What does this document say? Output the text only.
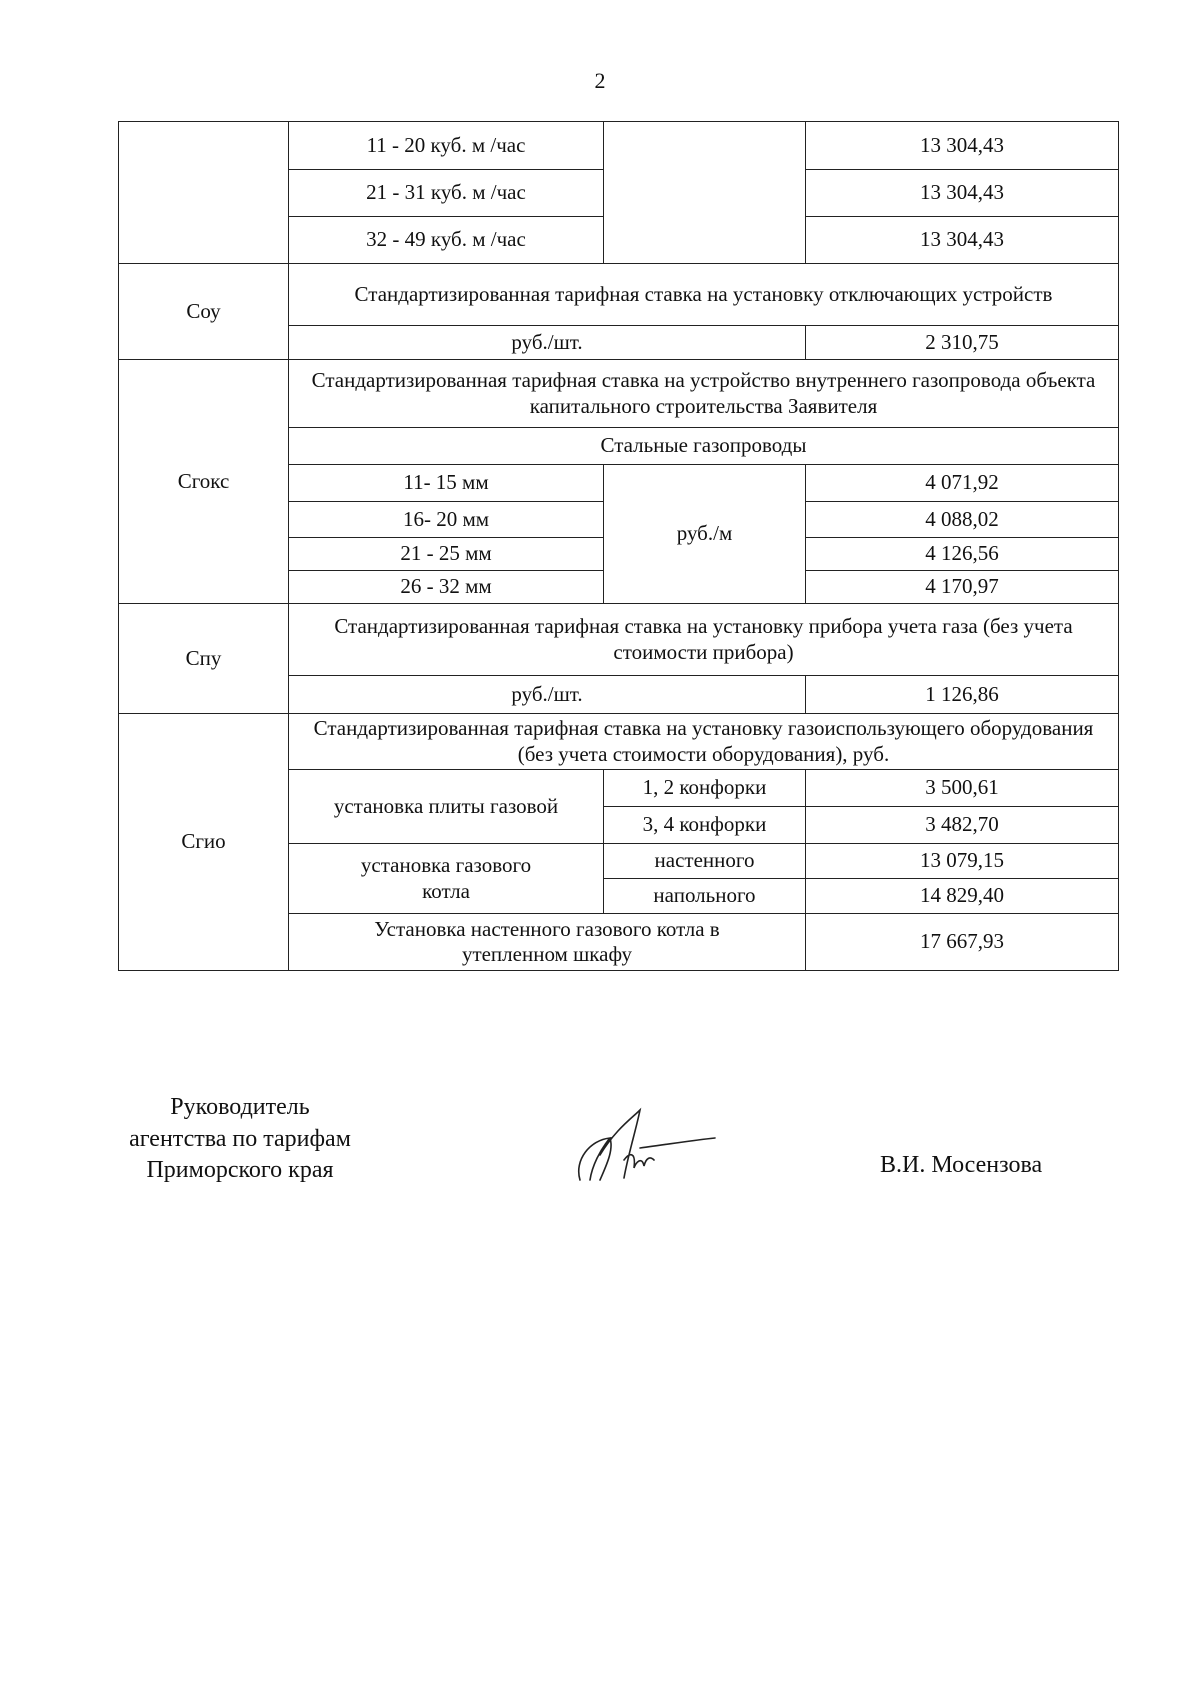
2
	11 - 20 куб. м /час		13 304,43
	21 - 31 куб. м /час		13 304,43
	32 - 49 куб. м /час		13 304,43
Соу	Стандартизированная тарифная ставка на установку отключающих устройств		
	руб./шт.		2 310,75
Сгокс	Стандартизированная тарифная ставка на устройство внутреннего газопровода объекта капитального строительства Заявителя		
	Стальные газопроводы		
	11- 15 мм	руб./м	4 071,92
	16- 20 мм		4 088,02
	21 - 25 мм		4 126,56
	26 - 32 мм		4 170,97
Спу	Стандартизированная тарифная ставка на установку прибора учета газа (без учета стоимости прибора)		
	руб./шт.		1 126,86
Сгио	Стандартизированная тарифная ставка на установку газоиспользующего оборудования (без учета стоимости оборудования), руб.		
	установка плиты газовой	1, 2 конфорки	3 500,61
		3, 4 конфорки	3 482,70
	установка газового котла	настенного	13 079,15
		напольного	14 829,40
	Установка настенного газового котла в утепленном шкафу		17 667,93
Руководитель
агентства по тарифам
Приморского края	В.И. Мосензова
